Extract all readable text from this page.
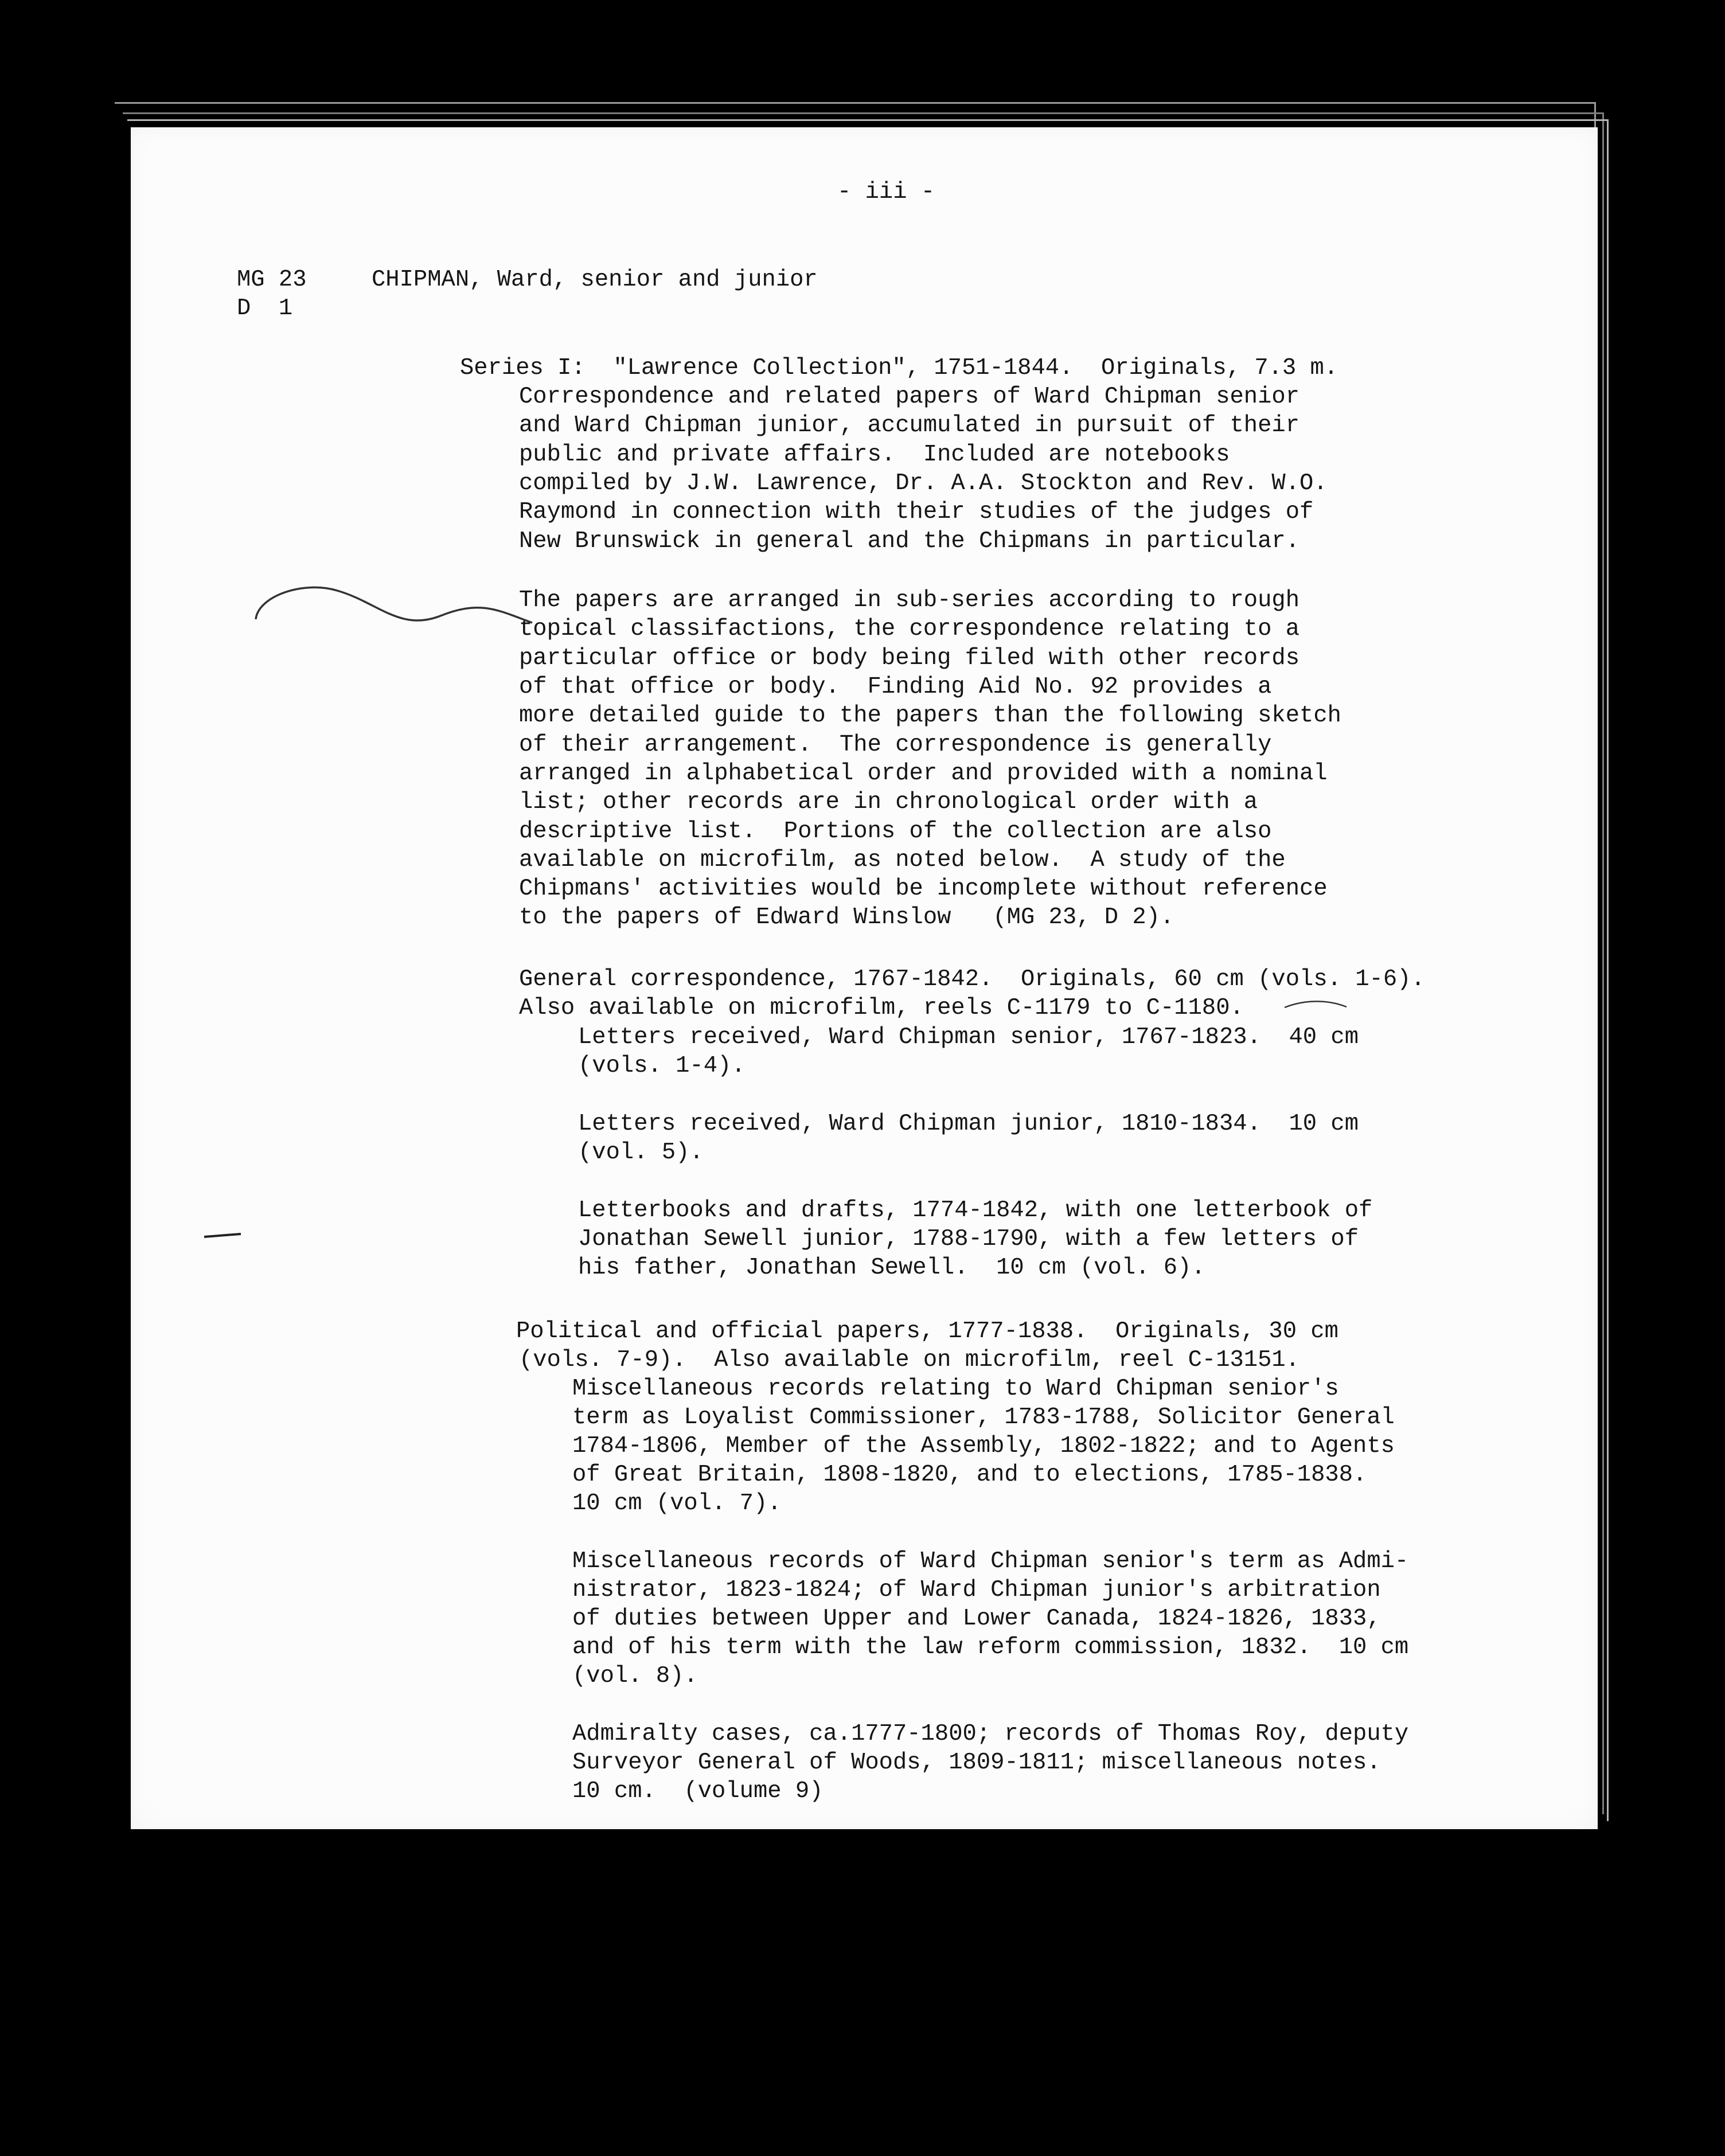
- iii -
MG 23
D  1
CHIPMAN, Ward, senior and junior
Series I:  "Lawrence Collection", 1751-1844.  Originals, 7.3 m.
Correspondence and related papers of Ward Chipman senior
and Ward Chipman junior, accumulated in pursuit of their
public and private affairs.  Included are notebooks
compiled by J.W. Lawrence, Dr. A.A. Stockton and Rev. W.O.
Raymond in connection with their studies of the judges of
New Brunswick in general and the Chipmans in particular.
The papers are arranged in sub-series according to rough
topical classifactions, the correspondence relating to a
particular office or body being filed with other records
of that office or body.  Finding Aid No. 92 provides a
more detailed guide to the papers than the following sketch
of their arrangement.  The correspondence is generally
arranged in alphabetical order and provided with a nominal
list; other records are in chronological order with a
descriptive list.  Portions of the collection are also
available on microfilm, as noted below.  A study of the
Chipmans' activities would be incomplete without reference
to the papers of Edward Winslow   (MG 23, D 2).
General correspondence, 1767-1842.  Originals, 60 cm (vols. 1-6).
Also available on microfilm, reels C-1179 to C-1180.
Letters received, Ward Chipman senior, 1767-1823.  40 cm
(vols. 1-4).
Letters received, Ward Chipman junior, 1810-1834.  10 cm
(vol. 5).
Letterbooks and drafts, 1774-1842, with one letterbook of
Jonathan Sewell junior, 1788-1790, with a few letters of
his father, Jonathan Sewell.  10 cm (vol. 6).
Political and official papers, 1777-1838.  Originals, 30 cm
(vols. 7-9).  Also available on microfilm, reel C-13151.
Miscellaneous records relating to Ward Chipman senior's
term as Loyalist Commissioner, 1783-1788, Solicitor General
1784-1806, Member of the Assembly, 1802-1822; and to Agents
of Great Britain, 1808-1820, and to elections, 1785-1838.
10 cm (vol. 7).
Miscellaneous records of Ward Chipman senior's term as Admi-
nistrator, 1823-1824; of Ward Chipman junior's arbitration
of duties between Upper and Lower Canada, 1824-1826, 1833,
and of his term with the law reform commission, 1832.  10 cm
(vol. 8).
Admiralty cases, ca.1777-1800; records of Thomas Roy, deputy
Surveyor General of Woods, 1809-1811; miscellaneous notes.
10 cm.  (volume 9)
